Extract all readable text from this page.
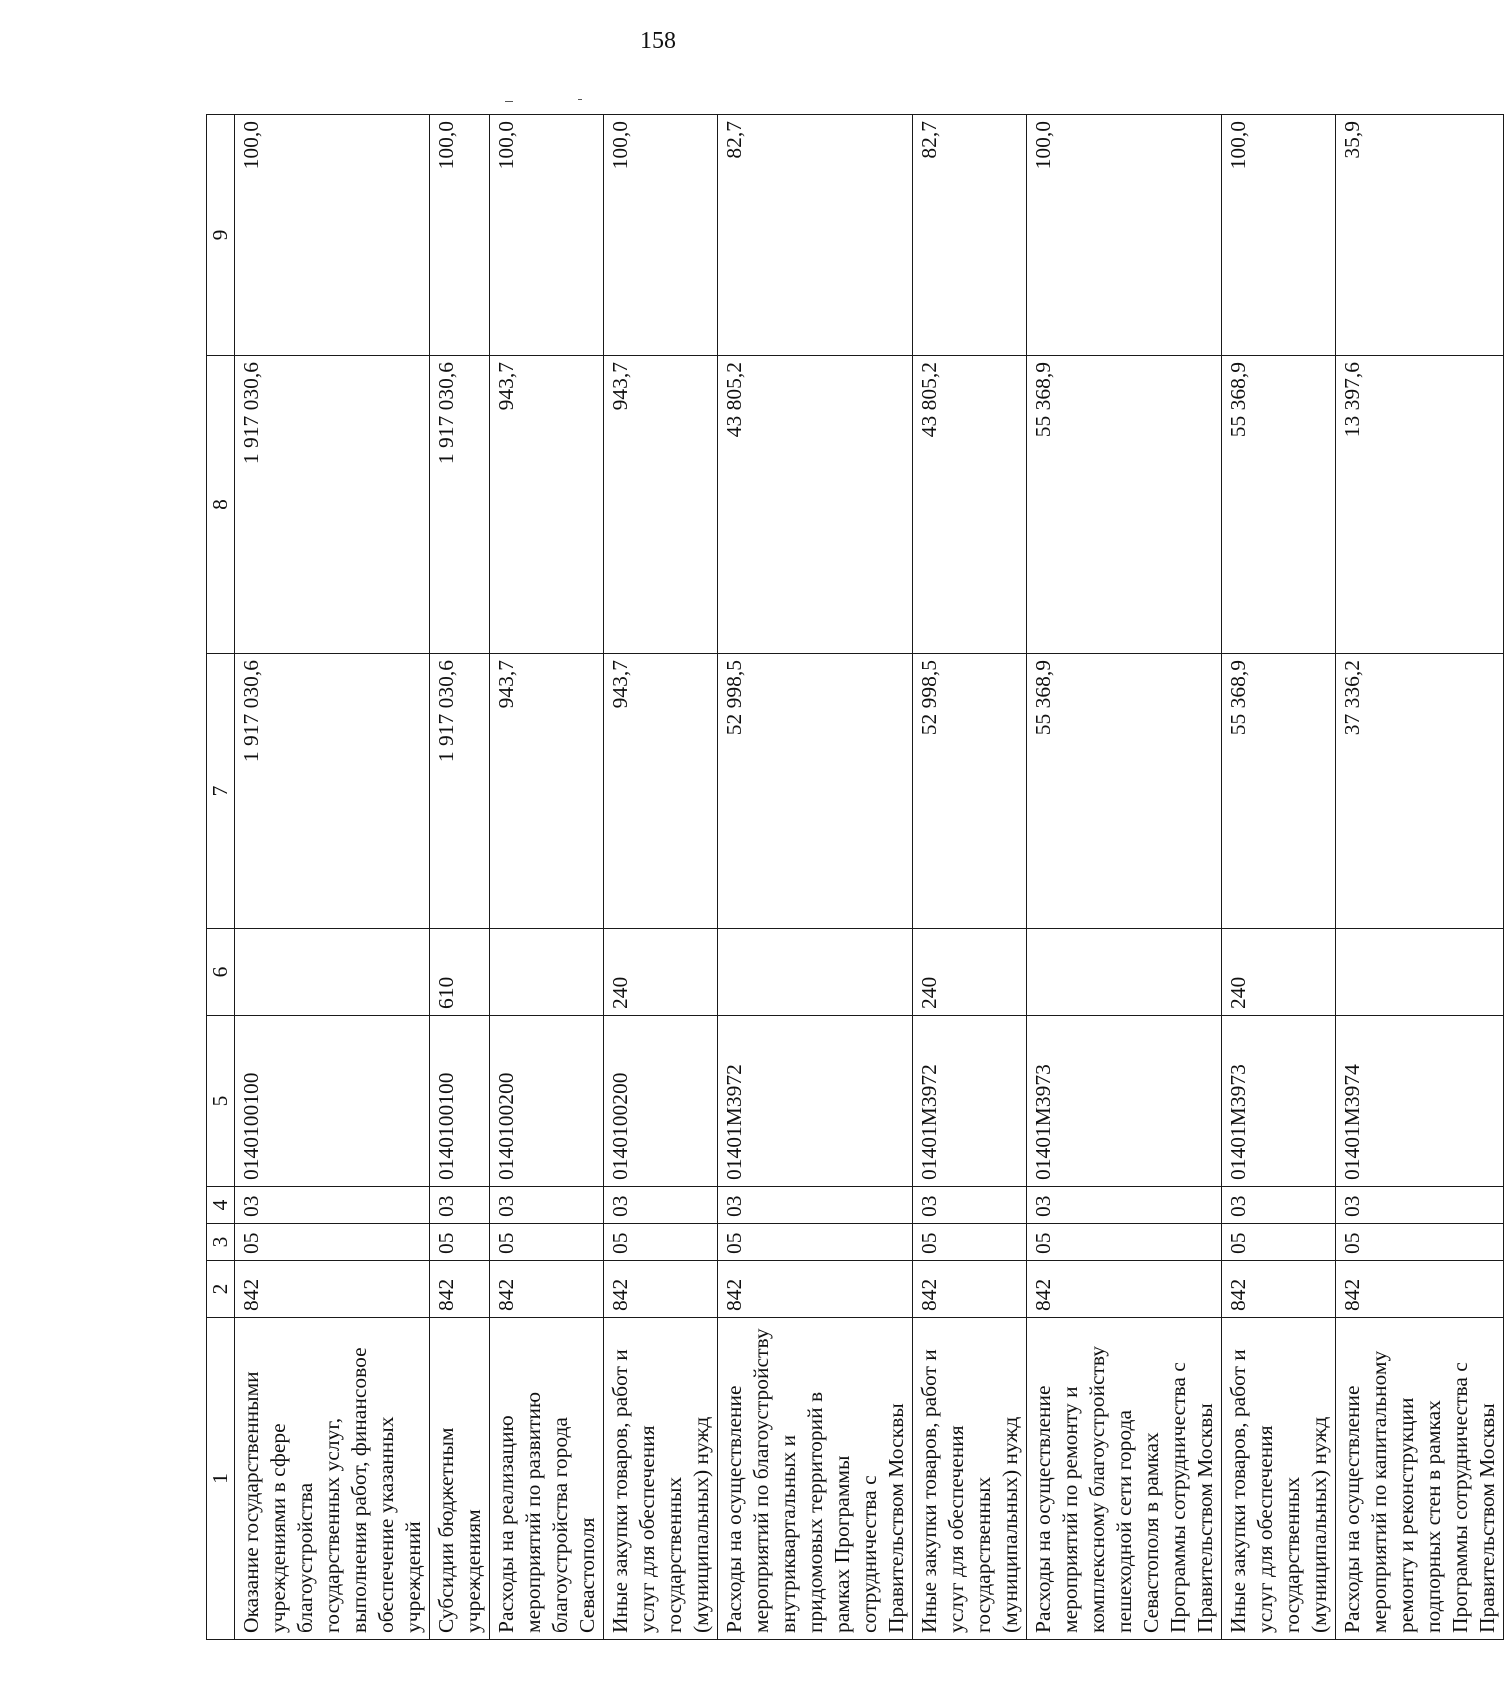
158
1	2	3	4	5	6	7	8	9
Оказание государственными учреждениями в сфере благоустройства государственных услуг, выполнения работ, финансовое обеспечение указанных учреждений	842	05	03	0140100100		1 917 030,6	1 917 030,6	100,0
Субсидии бюджетным учреждениям	842	05	03	0140100100	610	1 917 030,6	1 917 030,6	100,0
Расходы на реализацию мероприятий по развитию благоустройства города Севастополя	842	05	03	0140100200		943,7	943,7	100,0
Иные закупки товаров, работ и услуг для обеспечения государственных (муниципальных) нужд	842	05	03	0140100200	240	943,7	943,7	100,0
Расходы на осуществление мероприятий по благоустройству внутриквартальных и придомовых территорий в рамках Программы сотрудничества с Правительством Москвы	842	05	03	01401М3972		52 998,5	43 805,2	82,7
Иные закупки товаров, работ и услуг для обеспечения государственных (муниципальных) нужд	842	05	03	01401М3972	240	52 998,5	43 805,2	82,7
Расходы на осуществление мероприятий по ремонту и комплексному благоустройству пешеходной сети города Севастополя в рамках Программы сотрудничества с Правительством Москвы	842	05	03	01401М3973		55 368,9	55 368,9	100,0
Иные закупки товаров, работ и услуг для обеспечения государственных (муниципальных) нужд	842	05	03	01401М3973	240	55 368,9	55 368,9	100,0
Расходы на осуществление мероприятий по капитальному ремонту и реконструкции подпорных стен в рамках Программы сотрудничества с Правительством Москвы	842	05	03	01401М3974		37 336,2	13 397,6	35,9
